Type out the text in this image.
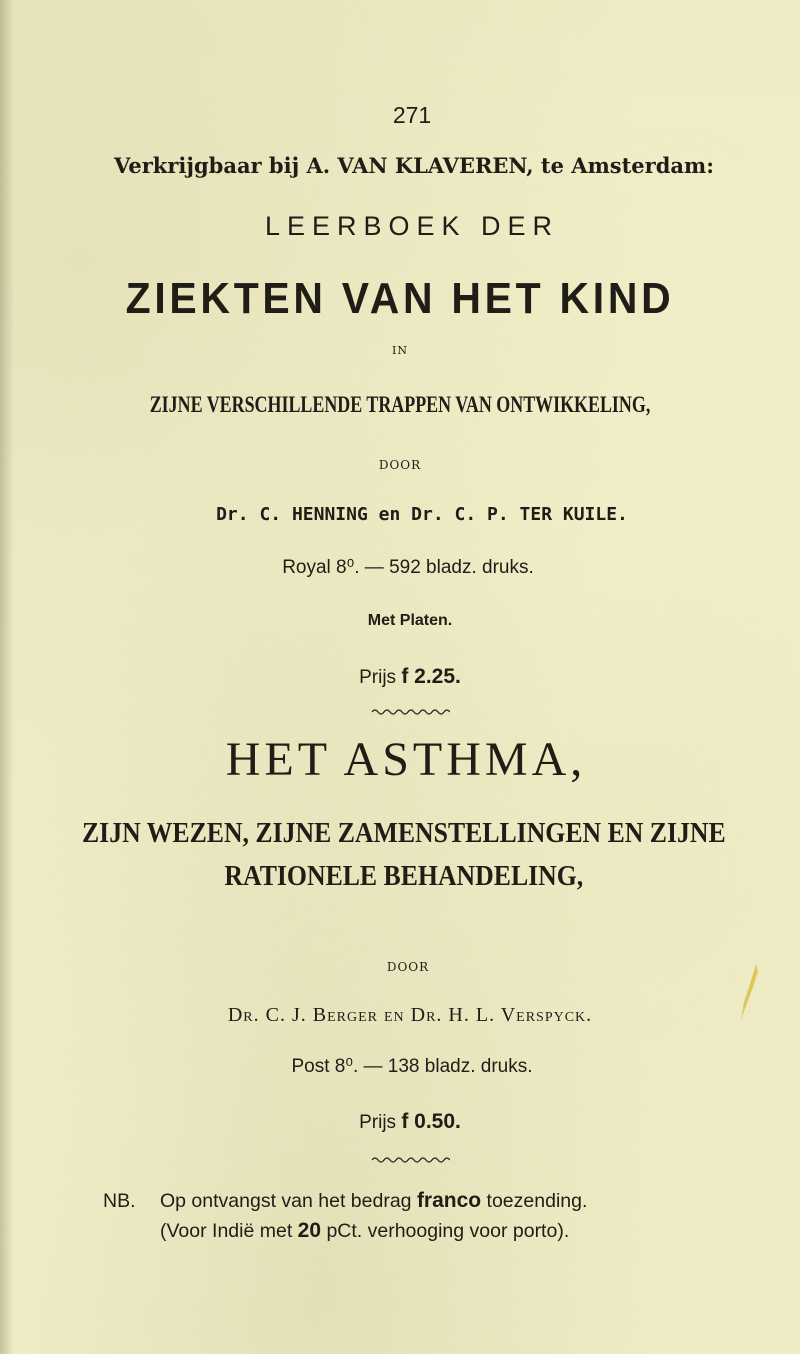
271
Verkrijgbaar bij A. VAN KLAVEREN, te Amsterdam:
LEERBOEK DER
ZIEKTEN VAN HET KIND
IN
ZIJNE VERSCHILLENDE TRAPPEN VAN ONTWIKKELING,
DOOR
Dr. C. HENNING en Dr. C. P. TER KUILE.
Royal 8⁰. — 592 bladz. druks.
Met Platen.
Prijs f 2.25.
HET ASTHMA,
ZIJN WEZEN, ZIJNE ZAMENSTELLINGEN EN ZIJNE
RATIONELE BEHANDELING,
DOOR
Dr. C. J. Berger en Dr. H. L. Verspyck.
Post 8⁰. — 138 bladz. druks.
Prijs f 0.50.
NB. Op ontvangst van het bedrag franco toezending.
(Voor Indië met 20 pCt. verhooging voor porto).
